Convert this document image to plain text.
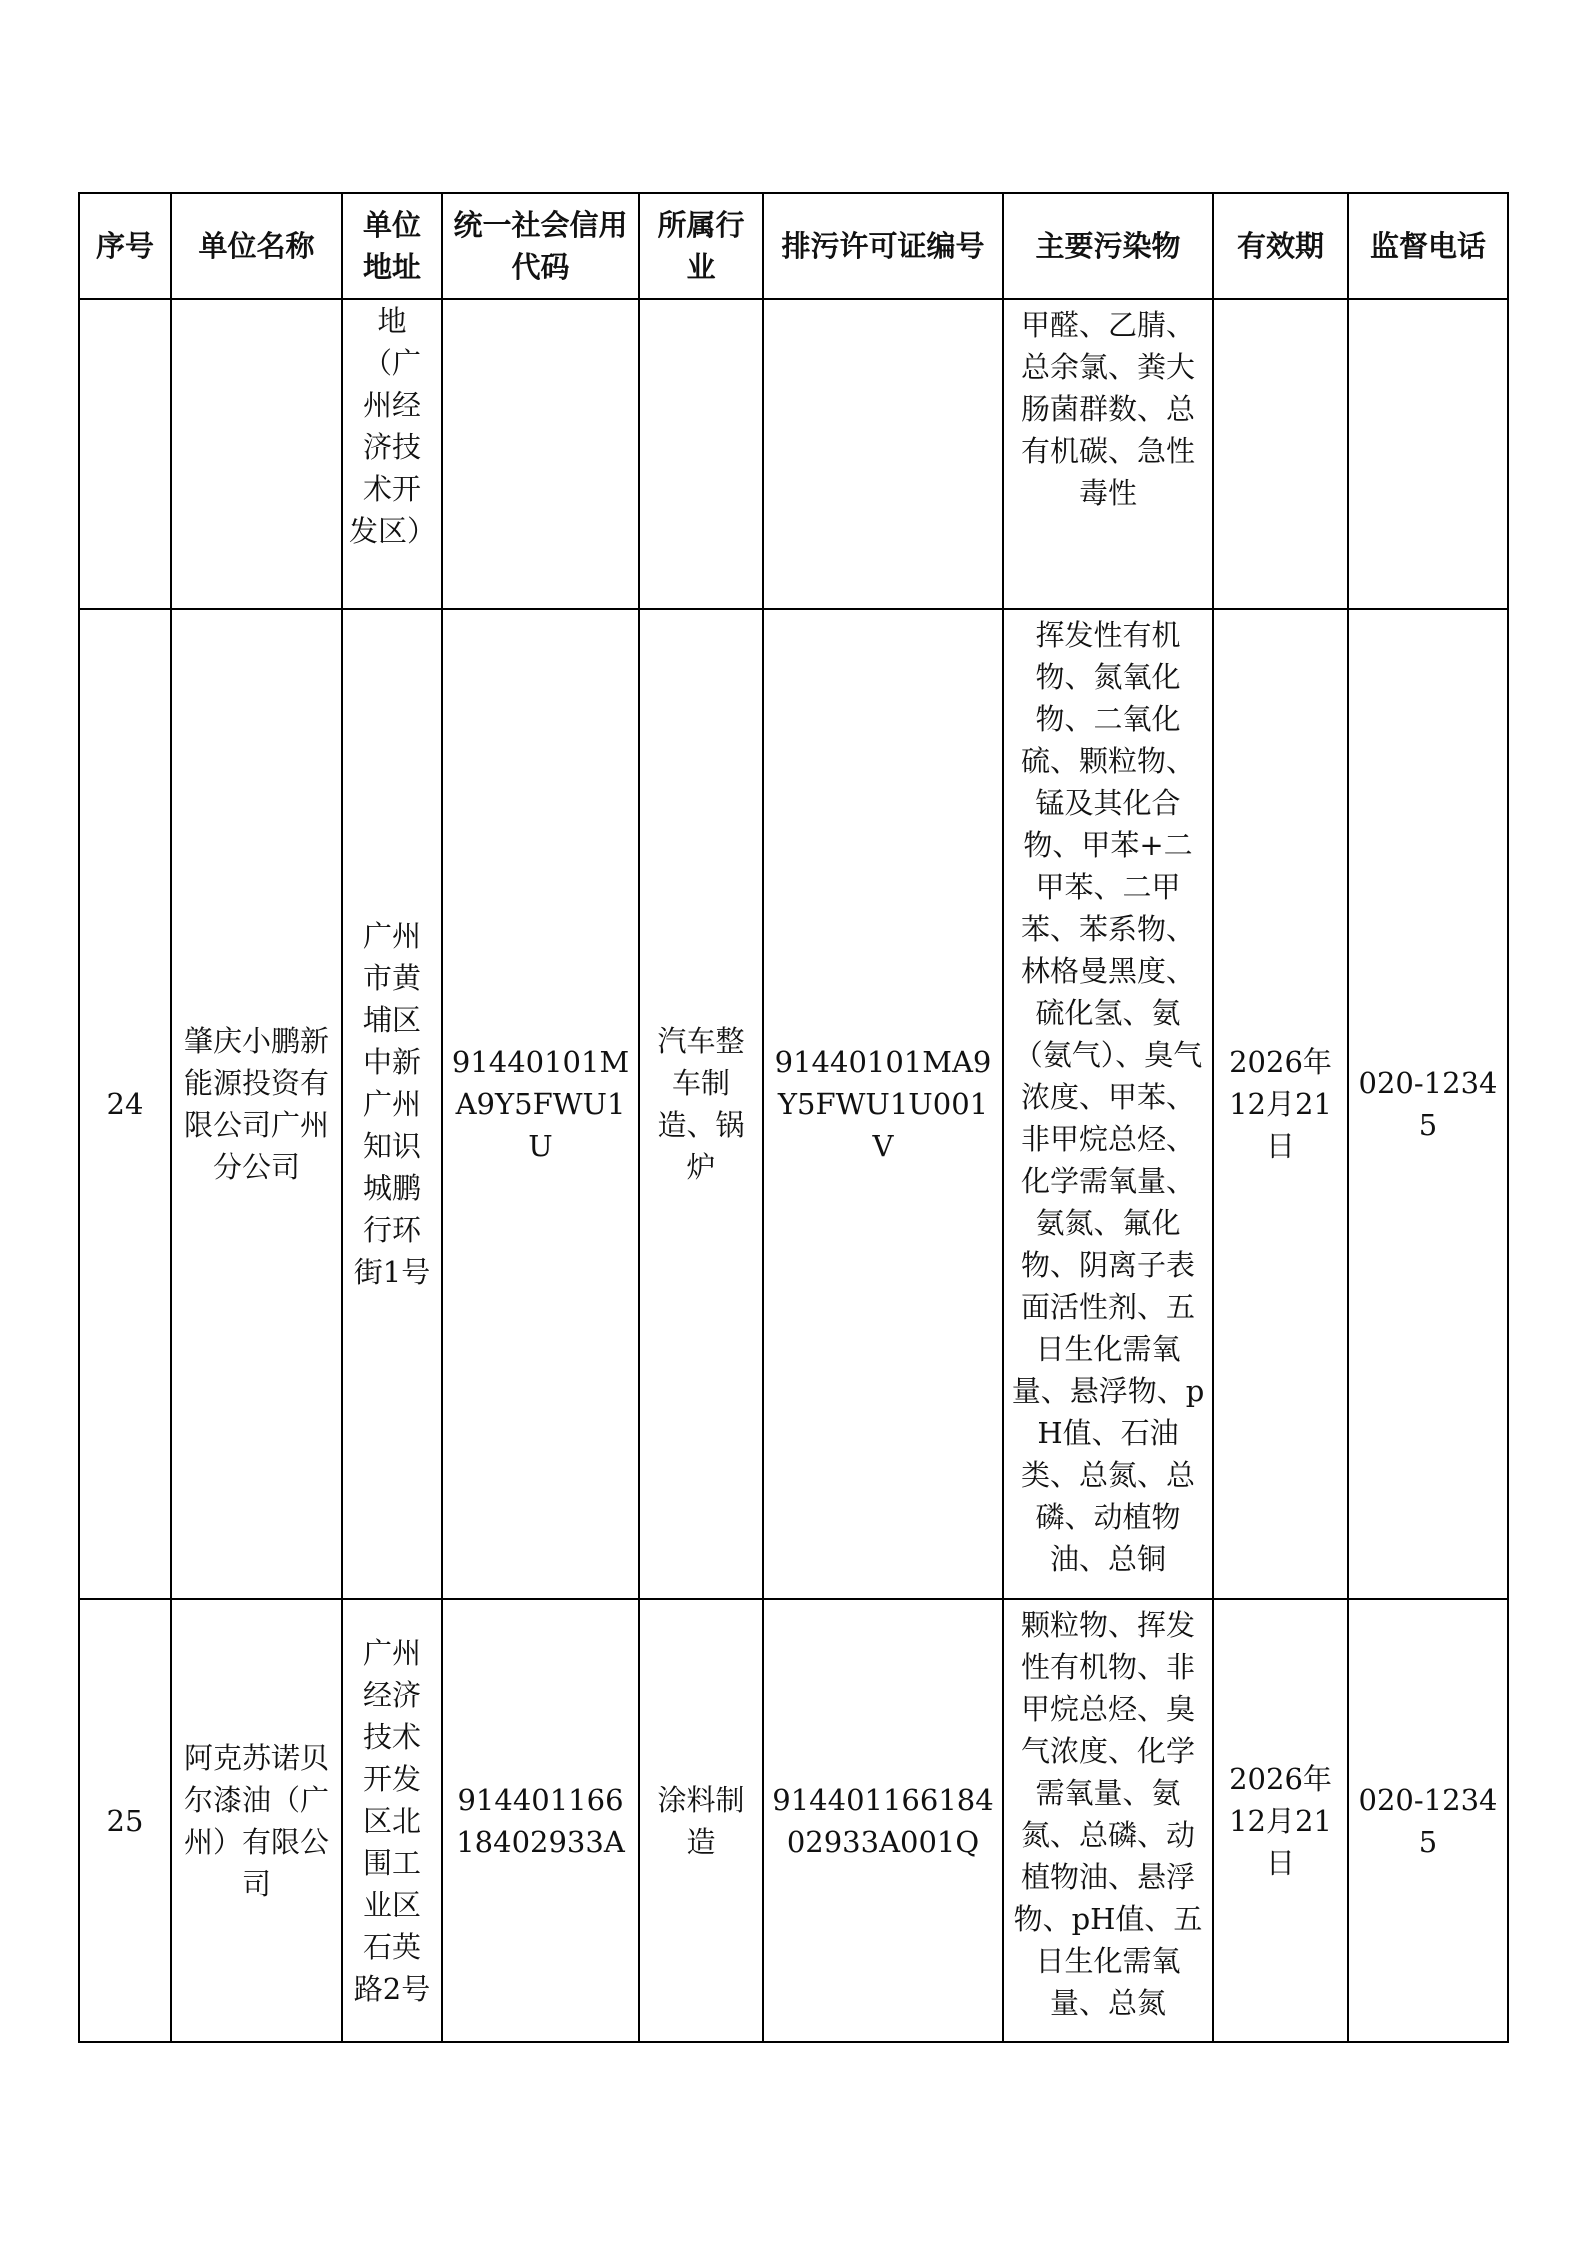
序号	单位名称	单位地址	统一社会信用代码	所属行业	排污许可证编号	主要污染物	有效期	监督电话
		地（广州经济技术开发区）				甲醛、乙腈、总余氯、粪大肠菌群数、总有机碳、急性毒性		
24	肇庆小鹏新能源投资有限公司广州分公司	广州市黄埔区中新广州知识城鹏行环街1号	91440101MA9Y5FWU1U	汽车整车制造、锅炉	91440101MA9Y5FWU1U001V	挥发性有机物、氮氧化物、二氧化硫、颗粒物、锰及其化合物、甲苯+二甲苯、二甲苯、苯系物、林格曼黑度、硫化氢、氨（氨气）、臭气浓度、甲苯、非甲烷总烃、化学需氧量、氨氮、氟化物、阴离子表面活性剂、五日生化需氧量、悬浮物、pH值、石油类、总氮、总磷、动植物油、总铜	2026年12月21日	020-12345
25	阿克苏诺贝尔漆油（广州）有限公司	广州经济技术开发区北围工业区石英路2号	91440116618402933A	涂料制造	91440116618402933A001Q	颗粒物、挥发性有机物、非甲烷总烃、臭气浓度、化学需氧量、氨氮、总磷、动植物油、悬浮物、pH值、五日生化需氧量、总氮	2026年12月21日	020-12345
